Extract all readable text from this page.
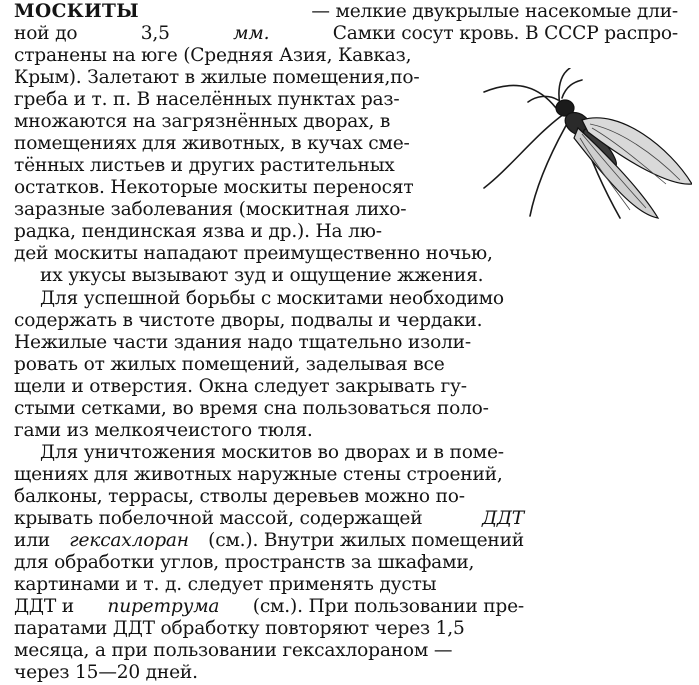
МОСКИТЫ	— мелкие двукрылые насекомые дли-
ной до	3,5	мм.	Самки сосут кровь. В СССР распро-
странены на юге (Средняя Азия, Кавказ,
Крым). Залетают в жилые помещения,по-
греба и т. п. В населённых пунктах раз-
множаются на загрязнённых дворах, в
помещениях для животных, в кучах сме-
тённых листьев и других растительных
остатков. Некоторые москиты переносят
заразные заболевания (москитная лихо-
радка, пендинская язва и др.). На лю-
дей москиты нападают преимущественно ночью,
их укусы вызывают зуд и ощущение жжения.
Для успешной борьбы с москитами необходимо
содержать в чистоте дворы, подвалы и чердаки.
Нежилые части здания надо тщательно изоли-
ровать от жилых помещений, заделывая все
щели и отверстия. Окна следует закрывать гу-
стыми сетками, во время сна пользоваться поло-
гами из мелкоячеистого тюля.
Для уничтожения москитов во дворах и в поме-
щениях для животных наружные стены строений,
балконы, террасы, стволы деревьев можно по-
крывать побелочной массой, содержащей	ДДТ
или гексахлоран (см.). Внутри жилых помещений
для обработки углов, пространств за шкафами,
картинами и т. д. следует применять дусты
ДДТ и пиретрума (см.). При пользовании пре-
паратами ДДТ обработку повторяют через 1,5
месяца, а при пользовании гексахлораном —
через 15—20 дней.
